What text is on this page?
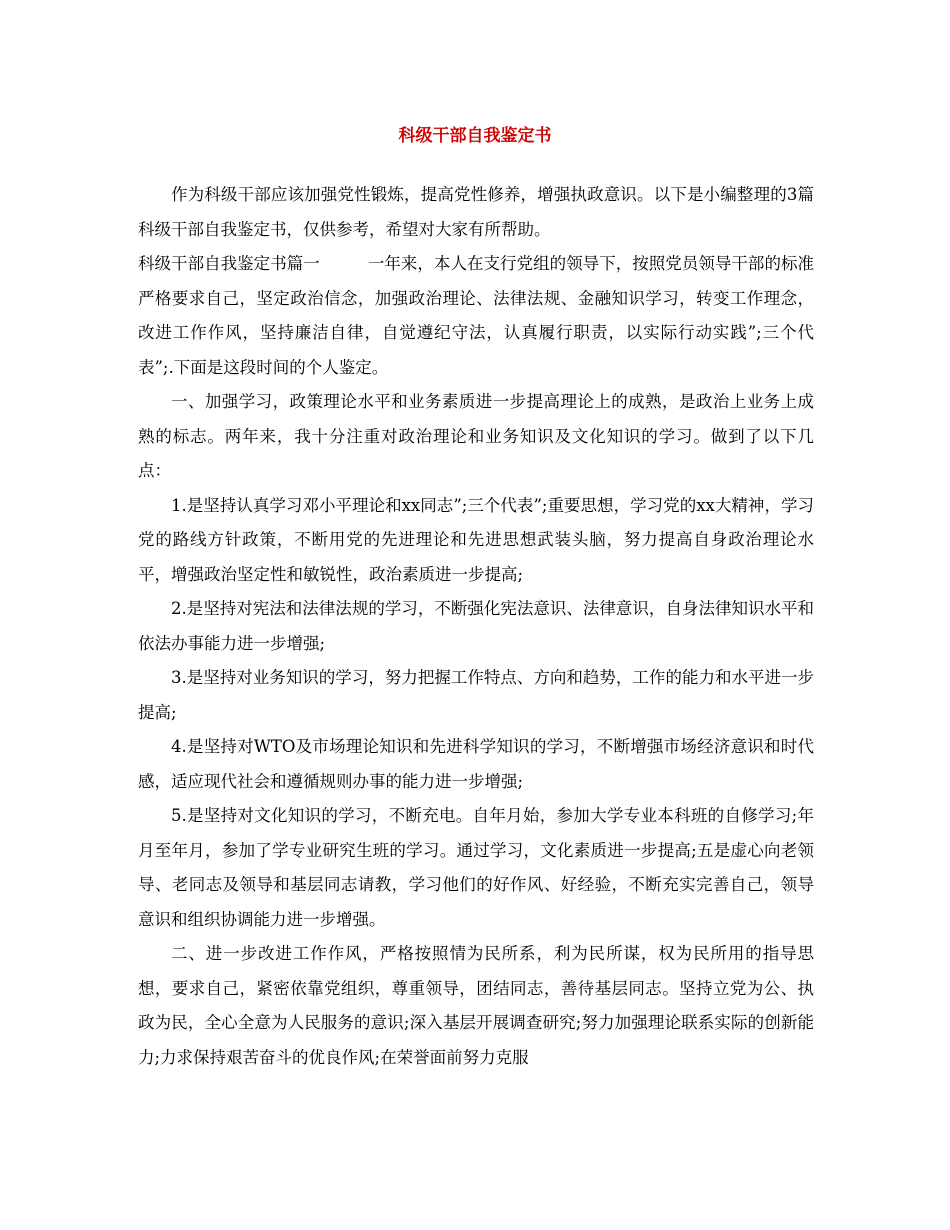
科级干部自我鉴定书

作为科级干部应该加强党性锻炼，提高党性修养，增强执政意识。以下是小编整理的3篇科级干部自我鉴定书，仅供参考，希望对大家有所帮助。

科级干部自我鉴定书篇一	一年来，本人在支行党组的领导下，按照党员领导干部的标准严格要求自己，坚定政治信念，加强政治理论、法律法规、金融知识学习，转变工作理念，改进工作作风，坚持廉洁自律，自觉遵纪守法，认真履行职责，以实际行动实践”;三个代表”;.下面是这段时间的个人鉴定。

一、加强学习，政策理论水平和业务素质进一步提高理论上的成熟，是政治上业务上成熟的标志。两年来，我十分注重对政治理论和业务知识及文化知识的学习。做到了以下几点：

1.是坚持认真学习邓小平理论和xx同志”;三个代表”;重要思想，学习党的xx大精神，学习党的路线方针政策，不断用党的先进理论和先进思想武装头脑，努力提高自身政治理论水平，增强政治坚定性和敏锐性，政治素质进一步提高;

2.是坚持对宪法和法律法规的学习，不断强化宪法意识、法律意识，自身法律知识水平和依法办事能力进一步增强;

3.是坚持对业务知识的学习，努力把握工作特点、方向和趋势，工作的能力和水平进一步提高;

4.是坚持对WTO及市场理论知识和先进科学知识的学习，不断增强市场经济意识和时代感，适应现代社会和遵循规则办事的能力进一步增强;

5.是坚持对文化知识的学习，不断充电。自年月始，参加大学专业本科班的自修学习;年月至年月，参加了学专业研究生班的学习。通过学习，文化素质进一步提高;五是虚心向老领导、老同志及领导和基层同志请教，学习他们的好作风、好经验，不断充实完善自己，领导意识和组织协调能力进一步增强。

二、进一步改进工作作风，严格按照情为民所系，利为民所谋，权为民所用的指导思想，要求自己，紧密依靠党组织，尊重领导，团结同志，善待基层同志。坚持立党为公、执政为民，全心全意为人民服务的意识;深入基层开展调查研究;努力加强理论联系实际的创新能力;力求保持艰苦奋斗的优良作风;在荣誉面前努力克服
